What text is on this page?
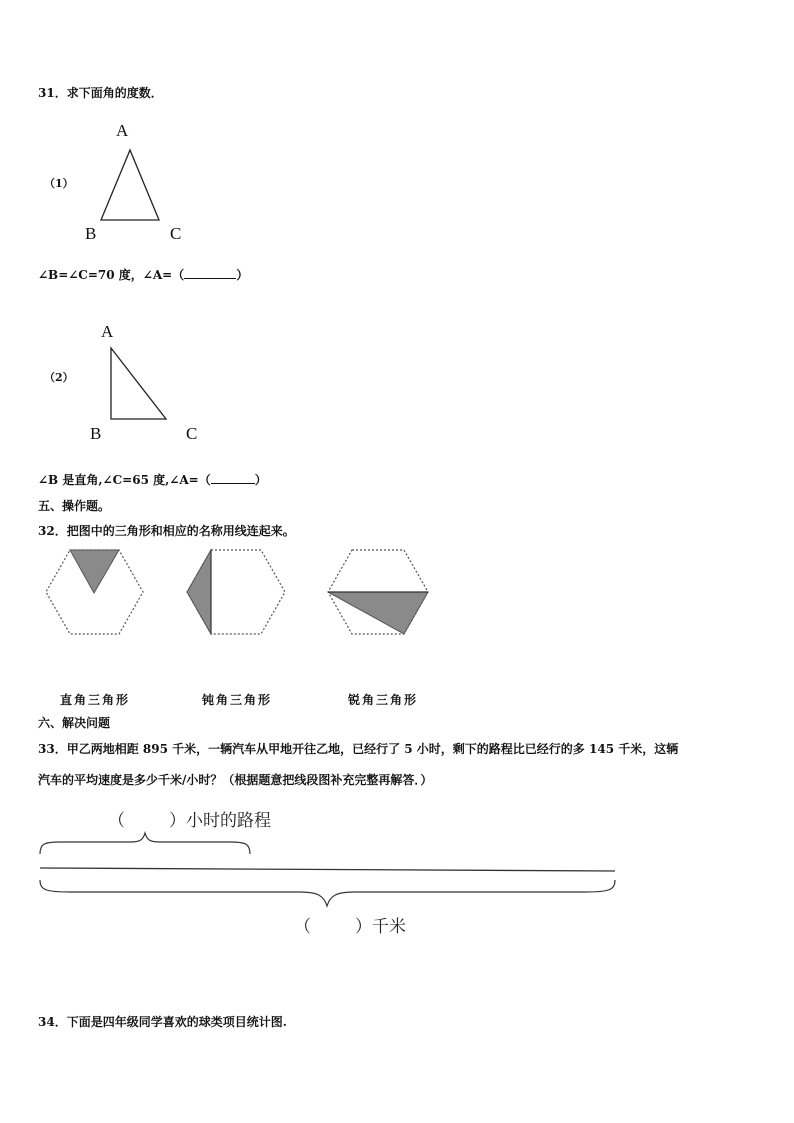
31．求下面角的度数．
（1）
A
B	C
∠B=∠C=70 度，∠A=（	）
（2）
A
B	C
∠B 是直角,∠C=65 度,∠A=（	）
五、操作题。
32．把图中的三角形和相应的名称用线连起来。
直角三角形	钝角三角形	锐角三角形
六、解决问题
33．甲乙两地相距 895 千米，一辆汽车从甲地开往乙地，已经行了 5 小时，剩下的路程比已经行的多 145 千米，这辆
汽车的平均速度是多少千米/小时？（根据题意把线段图补充完整再解答．）
（	）小时的路程
（	）千米
34．下面是四年级同学喜欢的球类项目统计图.
